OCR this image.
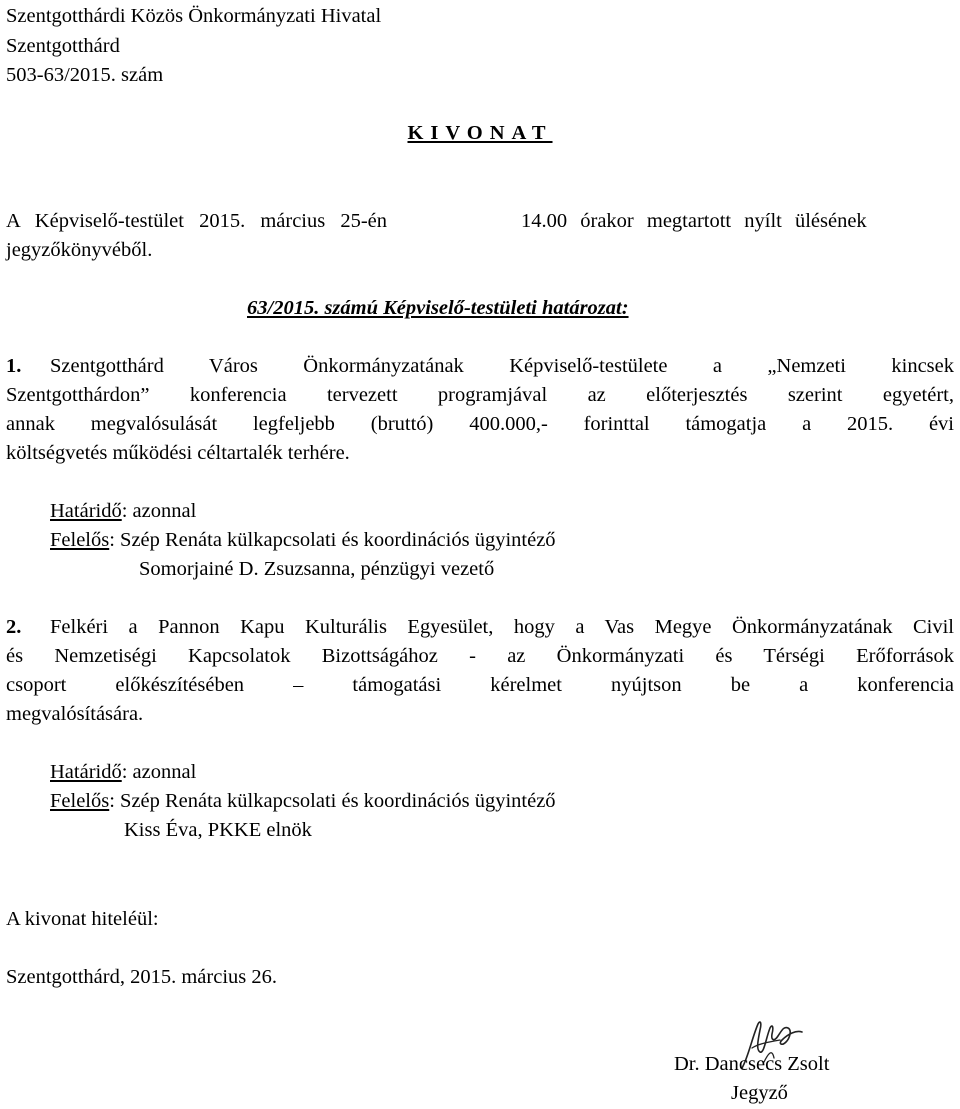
Szentgotthárdi Közös Önkormányzati Hivatal
Szentgotthárd
503-63/2015. szám
KIVONAT
A Képviselő-testület 2015. március 25-én	14.00 órakor megtartott nyílt ülésének
jegyzőkönyvéből.
63/2015. számú Képviselő-testületi határozat:
1. Szentgotthárd Város Önkormányzatának Képviselő-testülete a „Nemzeti kincsek
Szentgotthárdon” konferencia tervezett programjával az előterjesztés szerint egyetért,
annak megvalósulását legfeljebb (bruttó) 400.000,- forinttal támogatja a 2015. évi
költségvetés működési céltartalék terhére.
Határidő: azonnal
Felelős: Szép Renáta külkapcsolati és koordinációs ügyintéző
Somorjainé D. Zsuzsanna, pénzügyi vezető
2. Felkéri a Pannon Kapu Kulturális Egyesület, hogy a Vas Megye Önkormányzatának Civil
és Nemzetiségi Kapcsolatok Bizottságához - az Önkormányzati és Térségi Erőforrások
csoport előkészítésében – támogatási kérelmet nyújtson be a konferencia
megvalósítására.
Határidő: azonnal
Felelős: Szép Renáta külkapcsolati és koordinációs ügyintéző
Kiss Éva, PKKE elnök
A kivonat hiteléül:
Szentgotthárd, 2015. március 26.
Dr. Dancsecs Zsolt
Jegyző
